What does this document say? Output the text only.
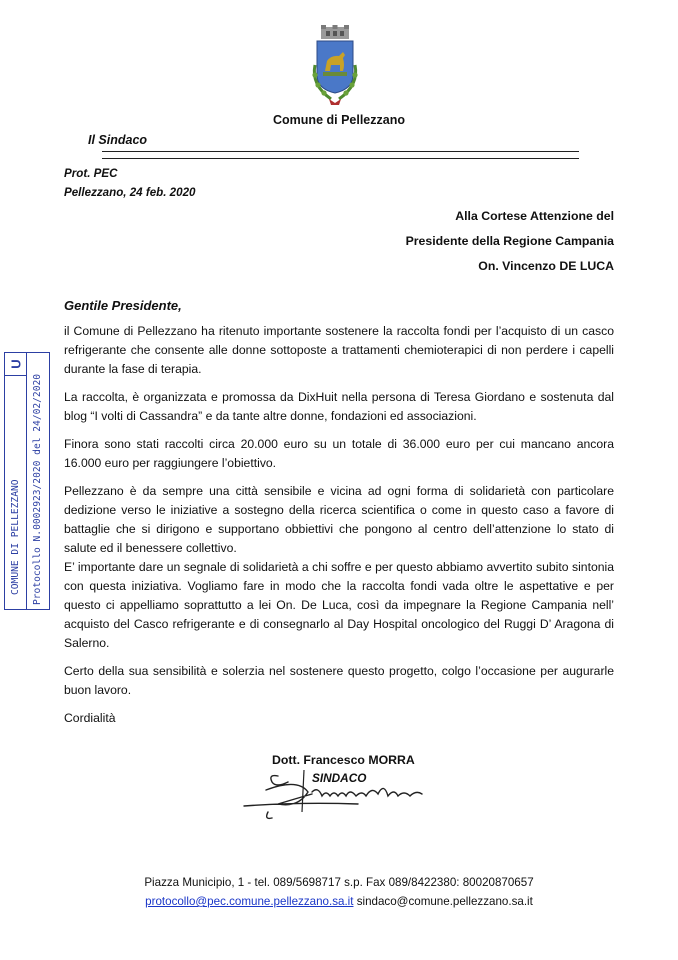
Comune di Pellezzano
Il Sindaco
Prot. PEC
Pellezzano, 24 feb. 2020
Alla Cortese Attenzione del
Presidente della Regione Campania
On. Vincenzo DE LUCA
Gentile Presidente,

il Comune di Pellezzano ha ritenuto importante sostenere la raccolta fondi per l’acquisto di un casco refrigerante che consente alle donne sottoposte a trattamenti chemioterapici di non perdere i capelli durante la fase di terapia.

La raccolta, è organizzata e promossa da DixHuit nella persona di Teresa Giordano e sostenuta dal blog “I volti di Cassandra” e da tante altre donne, fondazioni ed associazioni.

Finora sono stati raccolti circa 20.000 euro su un totale di 36.000 euro per cui mancano ancora 16.000 euro per raggiungere l’obiettivo.

Pellezzano è da sempre una città sensibile e vicina ad ogni forma di solidarietà con particolare dedizione verso le iniziative a sostegno della ricerca scientifica o come in questo caso a favore di battaglie che si dirigono e supportano obbiettivi che pongono al centro dell’attenzione lo stato di salute ed il benessere collettivo.

E’ importante dare un segnale di solidarietà a chi soffre e per questo abbiamo avvertito subito sintonia con questa iniziativa. Vogliamo fare in modo che la raccolta fondi vada oltre le aspettative e per questo ci appelliamo soprattutto a lei On. De Luca, così da impegnare la Regione Campania nell’ acquisto del Casco refrigerante e di consegnarlo al Day Hospital oncologico del Ruggi D’ Aragona di Salerno.

Certo della sua sensibilità e solerzia nel sostenere questo progetto, colgo l’occasione per augurarle buon lavoro.

Cordialità

Dott. Francesco MORRA
SINDACO
Piazza Municipio, 1 - tel. 089/5698717 s.p. Fax 089/8422380: 80020870657
protocollo@pec.comune.pellezzano.sa.it sindaco@comune.pellezzano.sa.it
U
COMUNE DI PELLEZZANO Protocollo N.0002923/2020 del 24/02/2020
